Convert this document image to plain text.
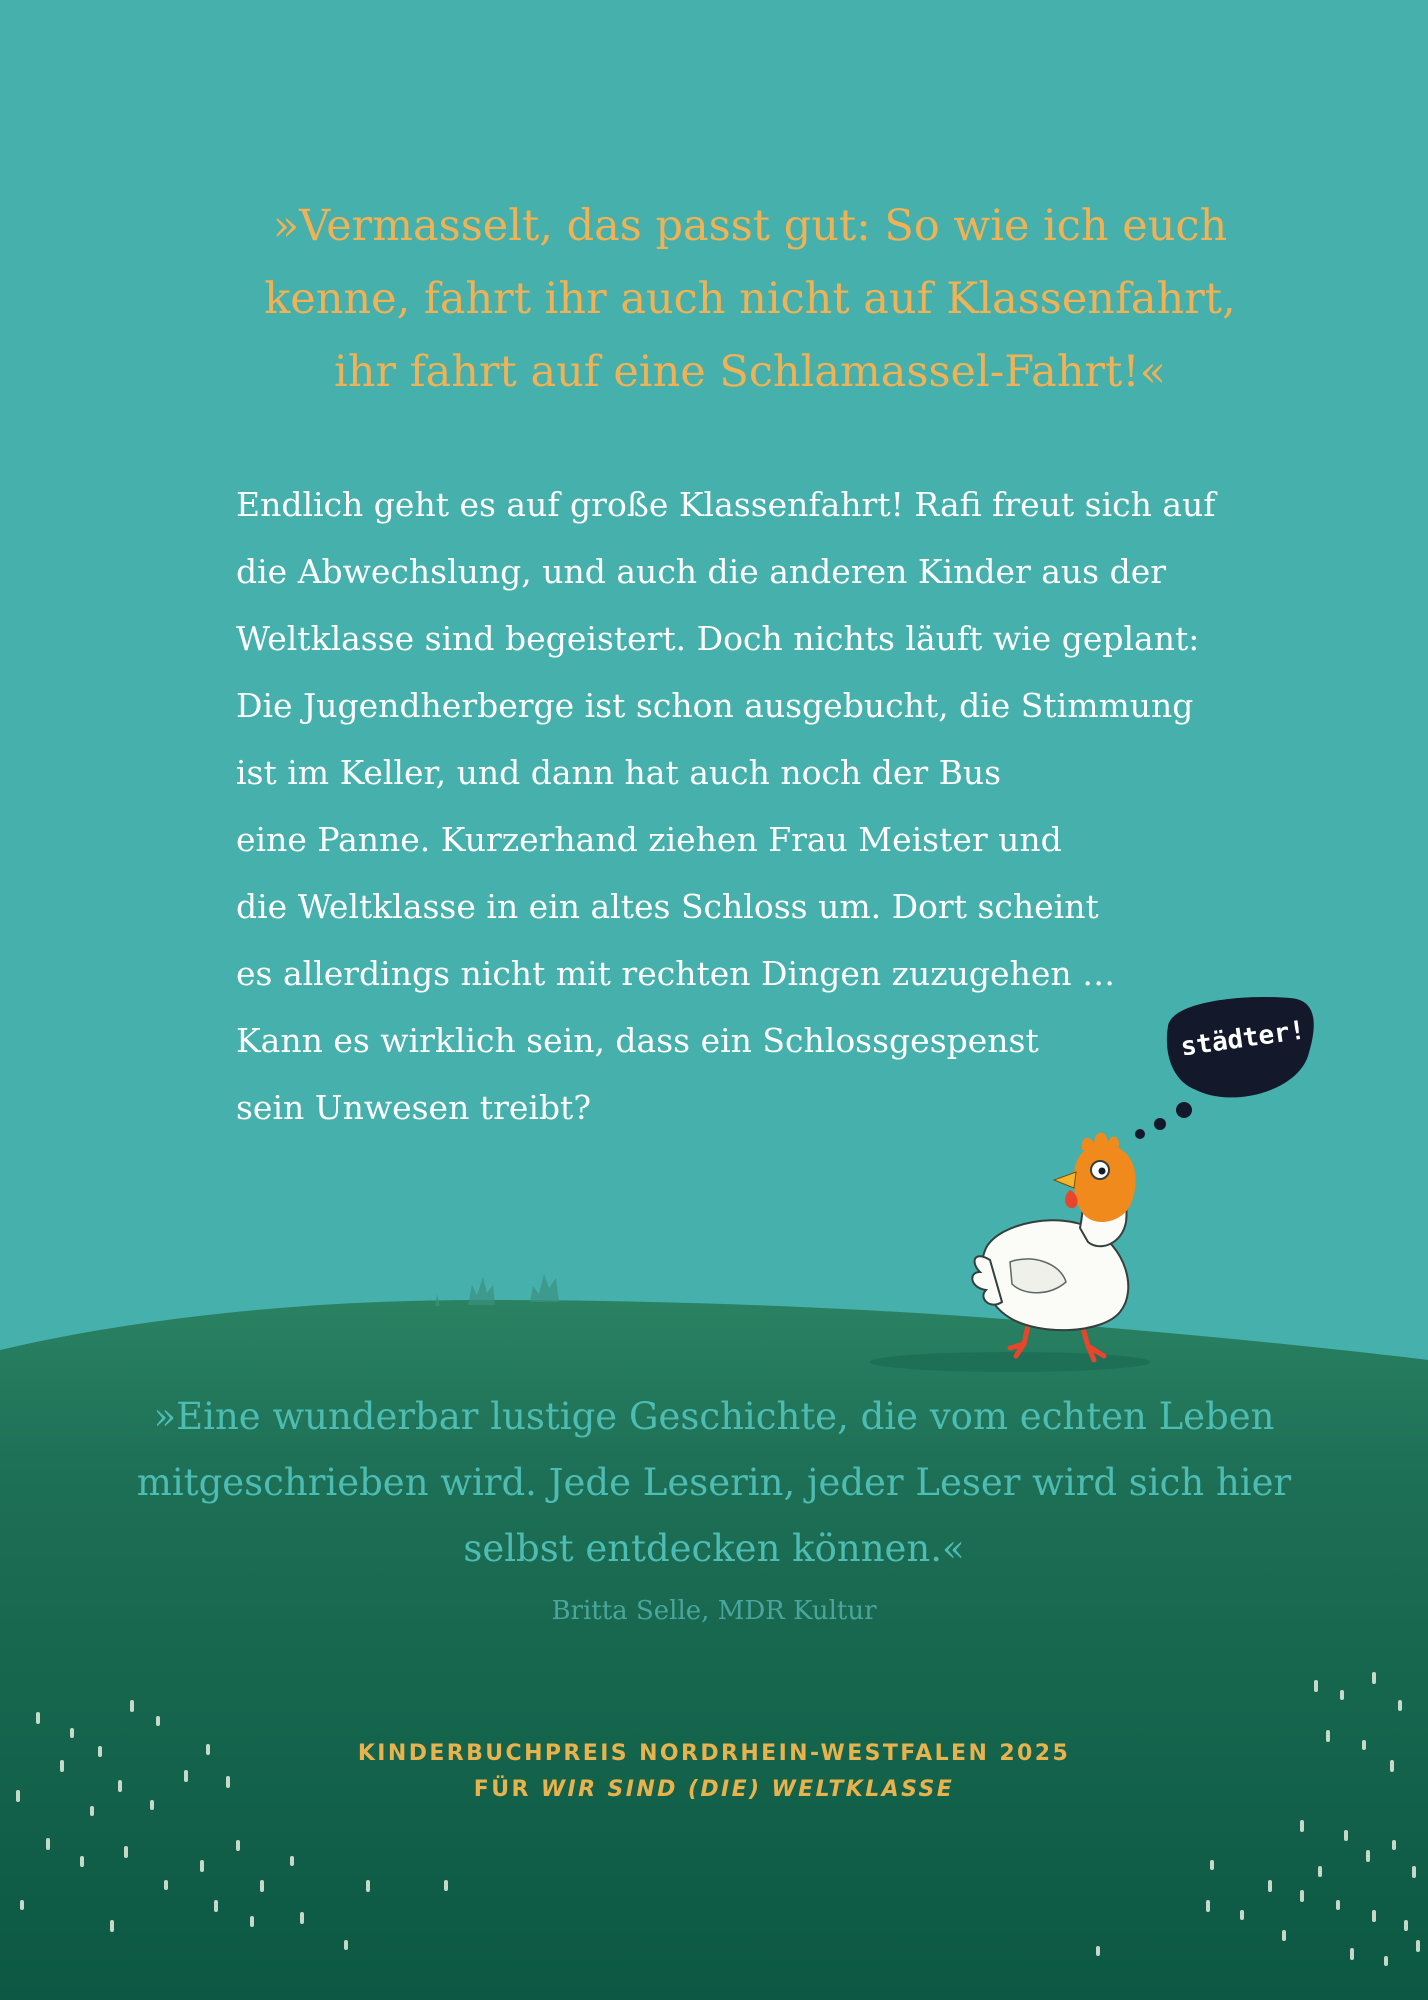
»Vermasselt, das passt gut: So wie ich euch
kenne, fahrt ihr auch nicht auf Klassenfahrt,
ihr fahrt auf eine Schlamassel-Fahrt!«
Endlich geht es auf große Klassenfahrt! Rafi freut sich auf
die Abwechslung, und auch die anderen Kinder aus der
Weltklasse sind begeistert. Doch nichts läuft wie geplant:
Die Jugendherberge ist schon ausgebucht, die Stimmung
ist im Keller, und dann hat auch noch der Bus
eine Panne. Kurzerhand ziehen Frau Meister und
die Weltklasse in ein altes Schloss um. Dort scheint
es allerdings nicht mit rechten Dingen zuzugehen …
Kann es wirklich sein, dass ein Schlossgespenst
sein Unwesen treibt?
städter!
»Eine wunderbar lustige Geschichte, die vom echten Leben
mitgeschrieben wird. Jede Leserin, jeder Leser wird sich hier
selbst entdecken können.«
Britta Selle, MDR Kultur
KINDERBUCHPREIS NORDRHEIN-WESTFALEN 2025
FÜR WIR SIND (DIE) WELTKLASSE
